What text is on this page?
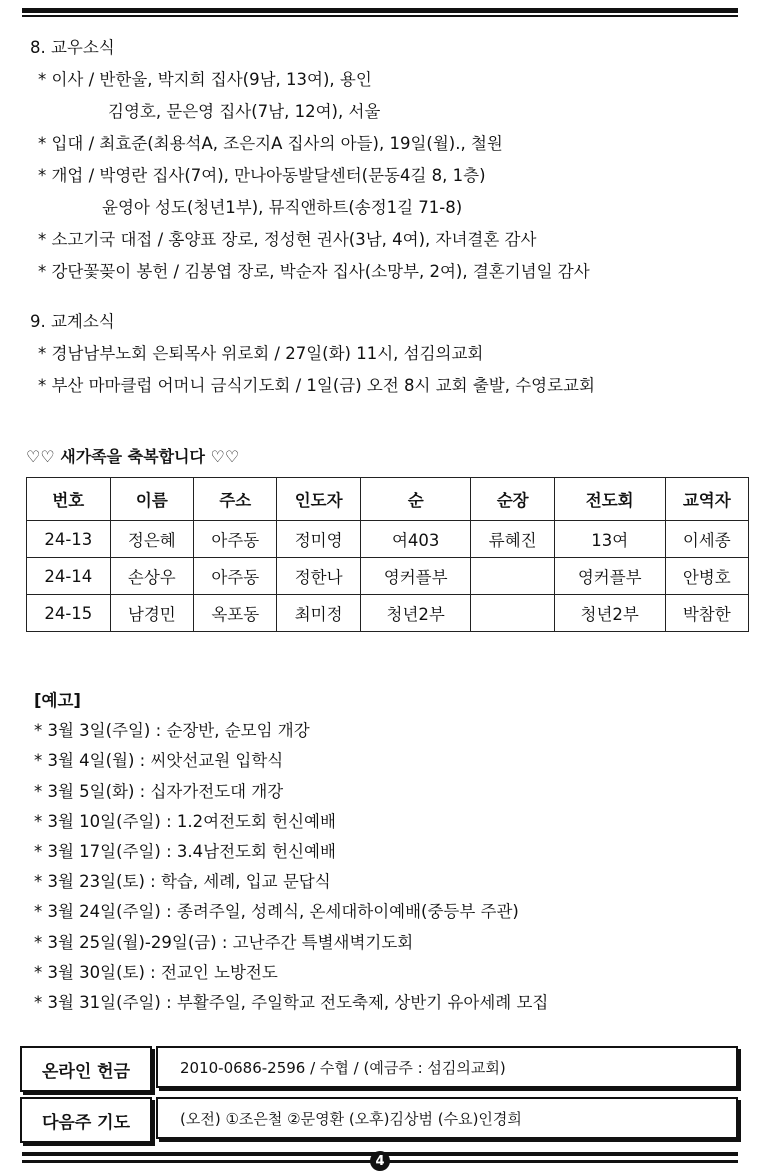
8. 교우소식
* 이사 / 반한울, 박지희 집사(9남, 13여), 용인
김영호, 문은영 집사(7남, 12여), 서울
* 입대 / 최효준(최용석A, 조은지A 집사의 아들), 19일(월)., 철원
* 개업 / 박영란 집사(7여), 만나아동발달센터(문동4길 8, 1층)
윤영아 성도(청년1부), 뮤직앤하트(송정1길 71-8)
* 소고기국 대접 / 홍양표 장로, 정성현 권사(3남, 4여), 자녀결혼 감사
* 강단꽃꽂이 봉헌 / 김봉엽 장로, 박순자 집사(소망부, 2여), 결혼기념일 감사
9. 교계소식
* 경남남부노회 은퇴목사 위로회 / 27일(화) 11시, 섬김의교회
* 부산 마마클럽 어머니 금식기도회 / 1일(금) 오전 8시 교회 출발, 수영로교회
♡♡ 새가족을 축복합니다 ♡♡
번호	이름	주소	인도자	순	순장	전도회	교역자
24-13	정은혜	아주동	정미영	여403	류혜진	13여	이세종
24-14	손상우	아주동	정한나	영커플부		영커플부	안병호
24-15	남경민	옥포동	최미정	청년2부		청년2부	박참한
[예고]
* 3월 3일(주일) : 순장반, 순모임 개강
* 3월 4일(월) : 씨앗선교원 입학식
* 3월 5일(화) : 십자가전도대 개강
* 3월 10일(주일) : 1.2여전도회 헌신예배
* 3월 17일(주일) : 3.4남전도회 헌신예배
* 3월 23일(토) : 학습, 세례, 입교 문답식
* 3월 24일(주일) : 종려주일, 성례식, 온세대하이예배(중등부 주관)
* 3월 25일(월)-29일(금) : 고난주간 특별새벽기도회
* 3월 30일(토) : 전교인 노방전도
* 3월 31일(주일) : 부활주일, 주일학교 전도축제, 상반기 유아세례 모집
온라인 헌금	2010-0686-2596 / 수협 / (예금주 : 섬김의교회)
다음주 기도	(오전) ①조은철 ②문영환 (오후)김상범 (수요)인경희
4
